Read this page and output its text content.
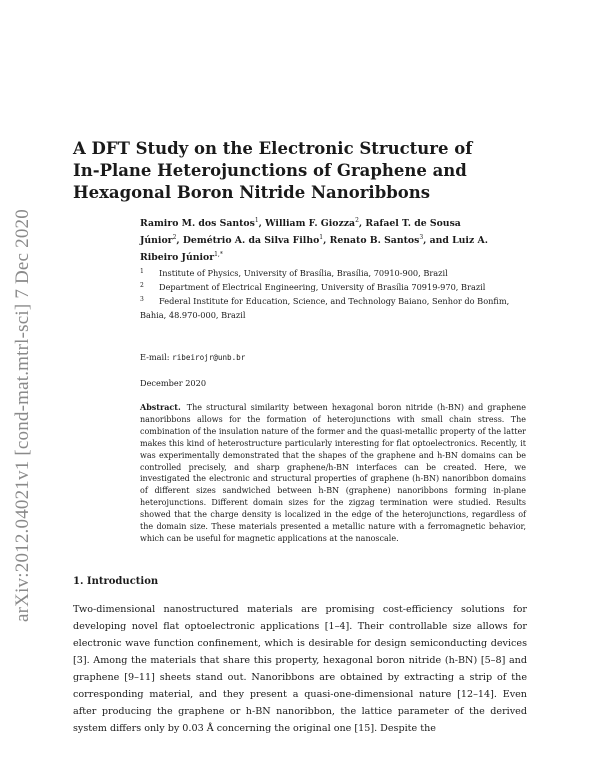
arXiv:2012.04021v1 [cond-mat.mtrl-sci] 7 Dec 2020
A DFT Study on the Electronic Structure of
In-Plane Heterojunctions of Graphene and
Hexagonal Boron Nitride Nanoribbons

Ramiro M. dos Santos$^1$, William F. Giozza$^2$, Rafael T. de Sousa Júnior$^2$, Demétrio A. da Silva Filho$^1$, Renato B. Santos$^3$, and Luiz A. Ribeiro Júnior$^{1,*}$

$^1$ Institute of Physics, University of Brasília, Brasília, 70910-900, Brazil

$^2$ Department of Electrical Engineering, University of Brasília 70919-970, Brazil

$^3$ Federal Institute for Education, Science, and Technology Baiano, Senhor do Bonfim, Bahia, 48.970-000, Brazil

E-mail: ribeirojr@unb.br
December 2020

Abstract. The structural similarity between hexagonal boron nitride (h-BN) and graphene nanoribbons allows for the formation of heterojunctions with small chain stress. The combination of the insulation nature of the former and the quasi-metallic property of the latter makes this kind of heterostructure particularly interesting for flat optoelectronics. Recently, it was experimentally demonstrated that the shapes of the graphene and h-BN domains can be controlled precisely, and sharp graphene/h-BN interfaces can be created. Here, we investigated the electronic and structural properties of graphene (h-BN) nanoribbon domains of different sizes sandwiched between h-BN (graphene) nanoribbons forming in-plane heterojunctions. Different domain sizes for the zigzag termination were studied. Results showed that the charge density is localized in the edge of the heterojunctions, regardless of the domain size. These materials presented a metallic nature with a ferromagnetic behavior, which can be useful for magnetic applications at the nanoscale.

1. Introduction

Two-dimensional nanostructured materials are promising cost-efficiency solutions for developing novel flat optoelectronic applications [1–4]. Their controllable size allows for electronic wave function confinement, which is desirable for design semiconducting devices [3]. Among the materials that share this property, hexagonal boron nitride (h-BN) [5–8] and graphene [9–11] sheets stand out. Nanoribbons are obtained by extracting a strip of the corresponding material, and they present a quasi-one-dimensional nature [12–14]. Even after producing the graphene or h-BN nanoribbon, the lattice parameter of the derived system differs only by 0.03 Å concerning the original one [15]. Despite the
